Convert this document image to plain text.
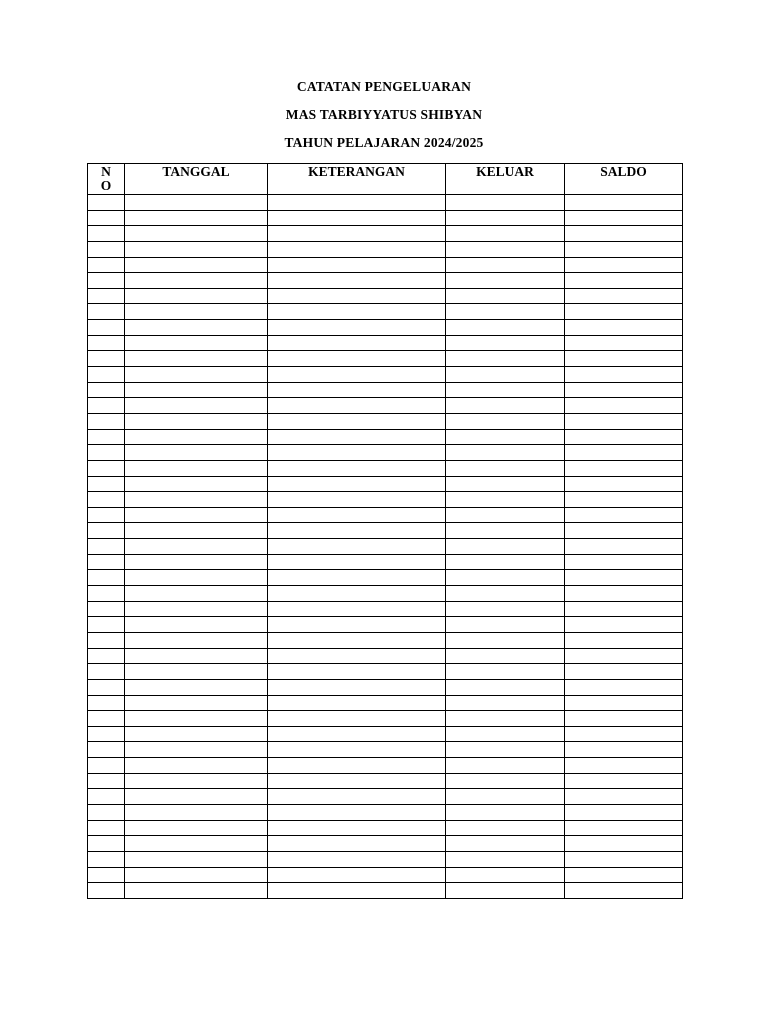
CATATAN PENGELUARAN
MAS TARBIYYATUS SHIBYAN
TAHUN PELAJARAN 2024/2025
N
O	TANGGAL	KETERANGAN	KELUAR	SALDO
